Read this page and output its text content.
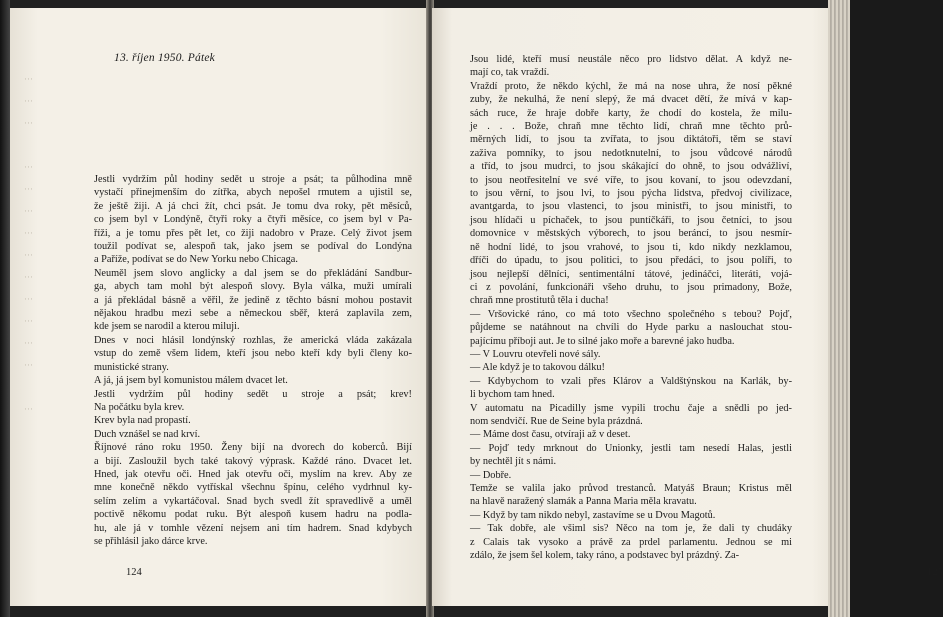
···
···
···

···
···
···
···
···
···
···
···
···
···

···
13. říjen 1950. Pátek
Jestli vydržím půl hodiny sedět u stroje a psát; ta půlhodina mně
vystačí přinejmenším do zítřka, abych nepošel rmutem a ujistil se,
že ještě žiji. A já chci žít, chci psát. Je tomu dva roky, pět měsíců,
co jsem byl v Londýně, čtyři roky a čtyři měsíce, co jsem byl v Pa-
říži, a je tomu přes pět let, co žiji nadobro v Praze. Celý život jsem
toužil podívat se, alespoň tak, jako jsem se podíval do Londýna
a Paříže, podívat se do New Yorku nebo Chicaga.
Neuměl jsem slovo anglicky a dal jsem se do překládání Sandbur-
ga, abych tam mohl být alespoň slovy. Byla válka, muži umírali
a já překládal básně a věřil, že jedině z těchto básní mohou postavit
nějakou hradbu mezi sebe a německou sběř, která zaplavila zem,
kde jsem se narodil a kterou miluji.
Dnes v noci hlásil londýnský rozhlas, že americká vláda zakázala
vstup do země všem lidem, kteří jsou nebo kteří kdy byli členy ko-
munistické strany.
A já, já jsem byl komunistou málem dvacet let.
Jestli vydržím půl hodiny sedět u stroje a psát; krev!
Na počátku byla krev.
Krev byla nad propastí.
Duch vznášel se nad krví.
Říjnové ráno roku 1950. Ženy bijí na dvorech do koberců. Bijí
a bijí. Zasloužil bych také takový výprask. Každé ráno. Dvacet let.
Hned, jak otevřu oči. Hned jak otevřu oči, myslím na krev. Aby ze
mne konečně někdo vytřískal všechnu špínu, celého vydrhnul ky-
selím zelím a vykartáčoval. Snad bych svedl žít spravedlivě a uměl
poctivě někomu podat ruku. Být alespoň kusem hadru na podla-
hu, ale já v tomhle vězení nejsem ani tím hadrem. Snad kdybych
se přihlásil jako dárce krve.
124	125
Jsou lidé, kteří musí neustále něco pro lidstvo dělat. A když ne-
mají co, tak vraždí.
Vraždí proto, že někdo kýchl, že má na nose uhra, že nosí pěkné
zuby, že nekulhá, že není slepý, že má dvacet dětí, že mívá v kap-
sách ruce, že hraje dobře karty, že chodí do kostela, že milu-
je . . . Bože, chraň mne těchto lidí, chraň mne těchto prů-
měrných lidí, to jsou ta zvířata, to jsou diktátoři, těm se staví
zaživa pomníky, to jsou nedotknutelní, to jsou vůdcové národů
a tříd, to jsou mudrci, to jsou skákající do ohně, to jsou odvážliví,
to jsou neotřesitelní ve své víře, to jsou kovaní, to jsou odevzdaní,
to jsou věrní, to jsou lvi, to jsou pýcha lidstva, předvoj civilizace,
avantgarda, to jsou vlastenci, to jsou ministři, to jsou ministři, to
jsou hlídači u píchaček, to jsou puntíčkáři, to jsou četníci, to jsou
domovnice v městských výborech, to jsou beráncí, to jsou nesmír-
ně hodní lidé, to jsou vrahové, to jsou ti, kdo nikdy nezklamou,
dříči do úpadu, to jsou politici, to jsou předáci, to jsou polířі, to
jsou nejlepší dělníci, sentimentální tátové, jedináčci, literáti, vojá-
ci z povolání, funkcionáři všeho druhu, to jsou primadony, Bože,
chraň mne prostitutů těla i ducha!
— Vršovické ráno, co má toto všechno společného s tebou? Pojď,
půjdeme se natáhnout na chvíli do Hyde parku a naslouchat stou-
pajícímu příboji aut. Je to silné jako moře a barevné jako hudba.
— V Louvru otevřeli nové sály.
— Ale když je to takovou dálku!
— Kdybychom to vzali přes Klárov a Valdštýnskou na Karlák, by-
li bychom tam hned.
V automatu na Picadilly jsme vypili trochu čaje a snědli po jed-
nom sendvičí. Rue de Seine byla prázdná.
— Máme dost času, otvíraji až v deset.
— Pojď tedy mrknout do Unionky, jestli tam nesedí Halas, jestli
by nechtěl jít s námi.
— Dobře.
Temže se valila jako průvod trestanců. Matyáš Braun; Kristus měl
na hlavě naražený slamák a Panna Maria měla kravatu.
— Když by tam nikdo nebyl, zastavíme se u Dvou Magotů.
— Tak dobře, ale všiml sis? Něco na tom je, že dali ty chudáky
z Calais tak vysoko a právě za prdel parlamentu. Jednou se mi
zdálo, že jsem šel kolem, taky ráno, a podstavec byl prázdný. Za-
